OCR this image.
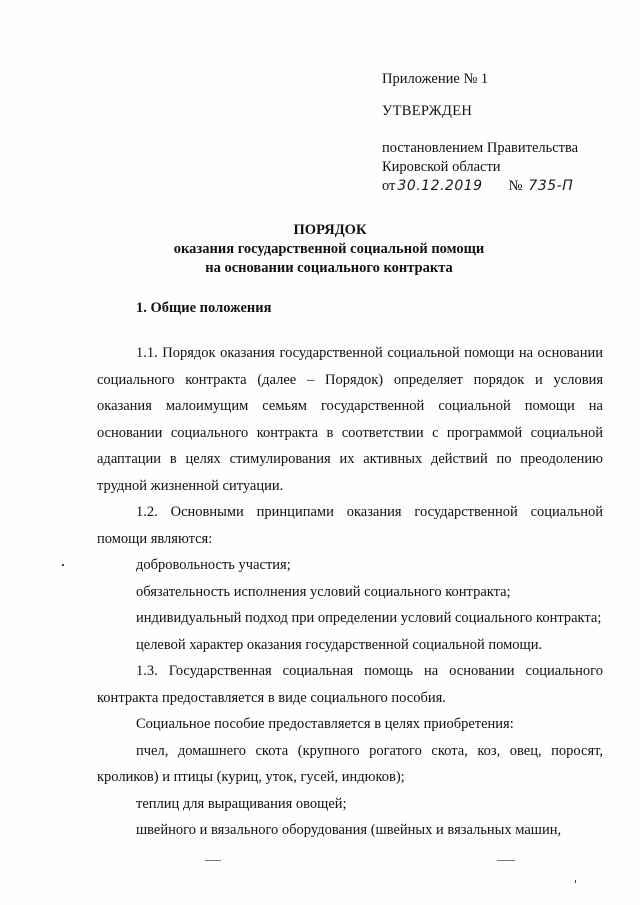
Приложение № 1
УТВЕРЖДЕН
постановлением Правительства
Кировской области
от 30.12.2019 № 735-П
ПОРЯДОК
оказания государственной социальной помощи
на основании социального контракта
1. Общие положения

1.1. Порядок оказания государственной социальной помощи на основании социального контракта (далее – Порядок) определяет порядок и условия оказания малоимущим семьям государственной социальной помощи на основании социального контракта в соответствии с программой социальной адаптации в целях стимулирования их активных действий по преодолению трудной жизненной ситуации.

1.2. Основными принципами оказания государственной социальной помощи являются:

добровольность участия;

обязательность исполнения условий социального контракта;

индивидуальный подход при определении условий социального контракта;

целевой характер оказания государственной социальной помощи.

1.3. Государственная социальная помощь на основании социального контракта предоставляется в виде социального пособия.

Социальное пособие предоставляется в целях приобретения:

пчел, домашнего скота (крупного рогатого скота, коз, овец, поросят, кроликов) и птицы (куриц, уток, гусей, индюков);

теплиц для выращивания овощей;

швейного и вязального оборудования (швейных и вязальных машин,
